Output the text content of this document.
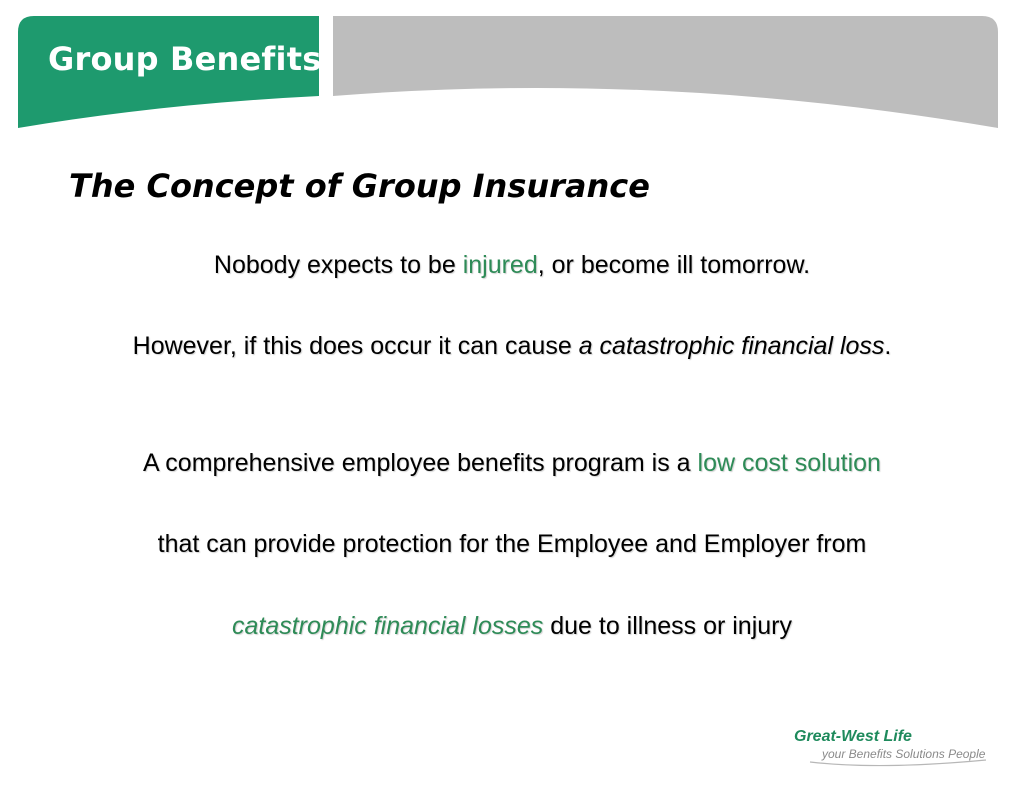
Group Benefits
The Concept of Group Insurance
Nobody expects to be injured, or become ill tomorrow.
However, if this does occur it can cause a catastrophic financial loss.
A comprehensive employee benefits program is a low cost solution
that can provide protection for the Employee and Employer from
catastrophic financial losses due to illness or injury
Great-West Life
your Benefits Solutions People
